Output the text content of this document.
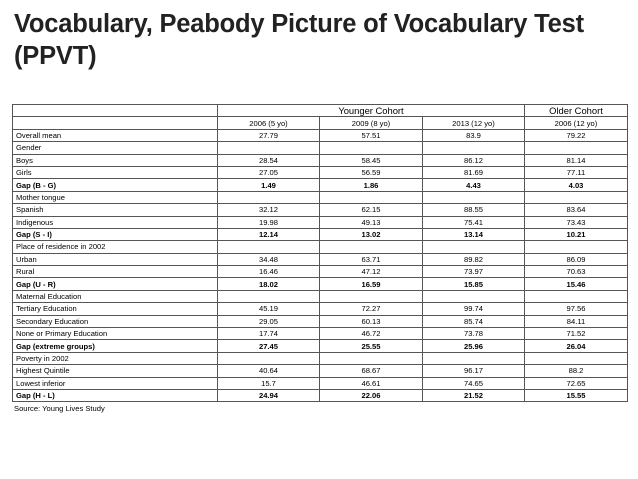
Vocabulary, Peabody Picture of Vocabulary Test (PPVT)
	Younger Cohort			Older Cohort
	2006 (5 yo)	2009 (8 yo)	2013 (12 yo)	2006 (12 yo)
Overall mean	27.79	57.51	83.9	79.22
Gender				
Boys	28.54	58.45	86.12	81.14
Girls	27.05	56.59	81.69	77.11
Gap (B - G)	1.49	1.86	4.43	4.03
Mother tongue				
Spanish	32.12	62.15	88.55	83.64
Indigenous	19.98	49.13	75.41	73.43
Gap (S - I)	12.14	13.02	13.14	10.21
Place of residence in 2002				
Urban	34.48	63.71	89.82	86.09
Rural	16.46	47.12	73.97	70.63
Gap (U - R)	18.02	16.59	15.85	15.46
Maternal Education				
Tertiary Education	45.19	72.27	99.74	97.56
Secondary Education	29.05	60.13	85.74	84.11
None or Primary Education	17.74	46.72	73.78	71.52
Gap (extreme groups)	27.45	25.55	25.96	26.04
Poverty in 2002				
Highest Quintile	40.64	68.67	96.17	88.2
Lowest inferior	15.7	46.61	74.65	72.65
Gap (H - L)	24.94	22.06	21.52	15.55
Source: Young Lives Study
